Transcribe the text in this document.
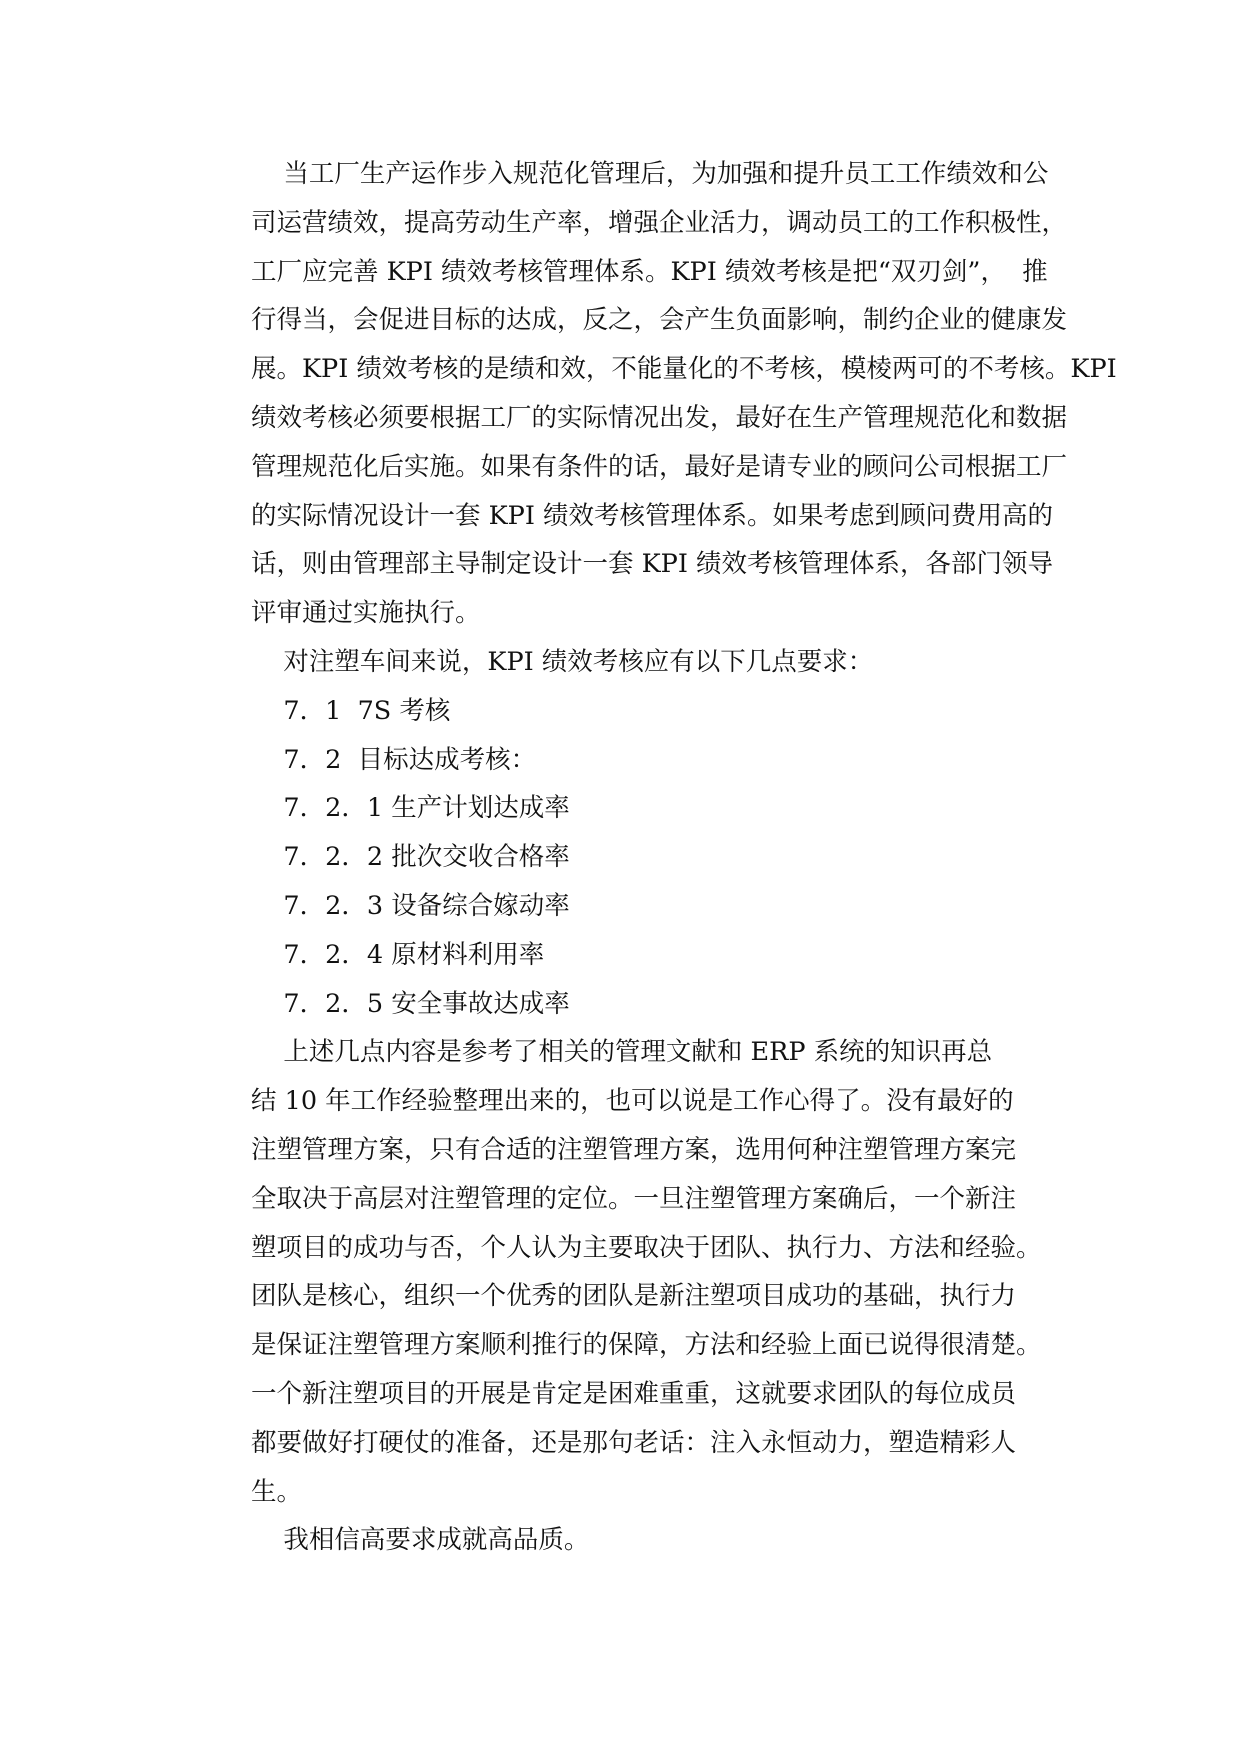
当工厂生产运作步入规范化管理后，为加强和提升员工工作绩效和公
司运营绩效，提高劳动生产率，增强企业活力，调动员工的工作积极性，
工厂应完善 KPI 绩效考核管理体系。KPI 绩效考核是把“双刃剑”，  推
行得当，会促进目标的达成，反之，会产生负面影响，制约企业的健康发
展。KPI 绩效考核的是绩和效，不能量化的不考核，模棱两可的不考核。KPI
绩效考核必须要根据工厂的实际情况出发，最好在生产管理规范化和数据
管理规范化后实施。如果有条件的话，最好是请专业的顾问公司根据工厂
的实际情况设计一套 KPI 绩效考核管理体系。如果考虑到顾问费用高的
话，则由管理部主导制定设计一套 KPI 绩效考核管理体系，各部门领导
评审通过实施执行。
对注塑车间来说，KPI 绩效考核应有以下几点要求：
7．1  7S 考核
7．2  目标达成考核：
7．2．1 生产计划达成率
7．2．2 批次交收合格率
7．2．3 设备综合嫁动率
7．2．4 原材料利用率
7．2．5 安全事故达成率
上述几点内容是参考了相关的管理文献和 ERP 系统的知识再总
结 10 年工作经验整理出来的，也可以说是工作心得了。没有最好的
注塑管理方案，只有合适的注塑管理方案，选用何种注塑管理方案完
全取决于高层对注塑管理的定位。一旦注塑管理方案确后，一个新注
塑项目的成功与否，个人认为主要取决于团队、执行力、方法和经验。
团队是核心，组织一个优秀的团队是新注塑项目成功的基础，执行力
是保证注塑管理方案顺利推行的保障，方法和经验上面已说得很清楚。
一个新注塑项目的开展是肯定是困难重重，这就要求团队的每位成员
都要做好打硬仗的准备，还是那句老话：注入永恒动力，塑造精彩人
生。
我相信高要求成就高品质。
